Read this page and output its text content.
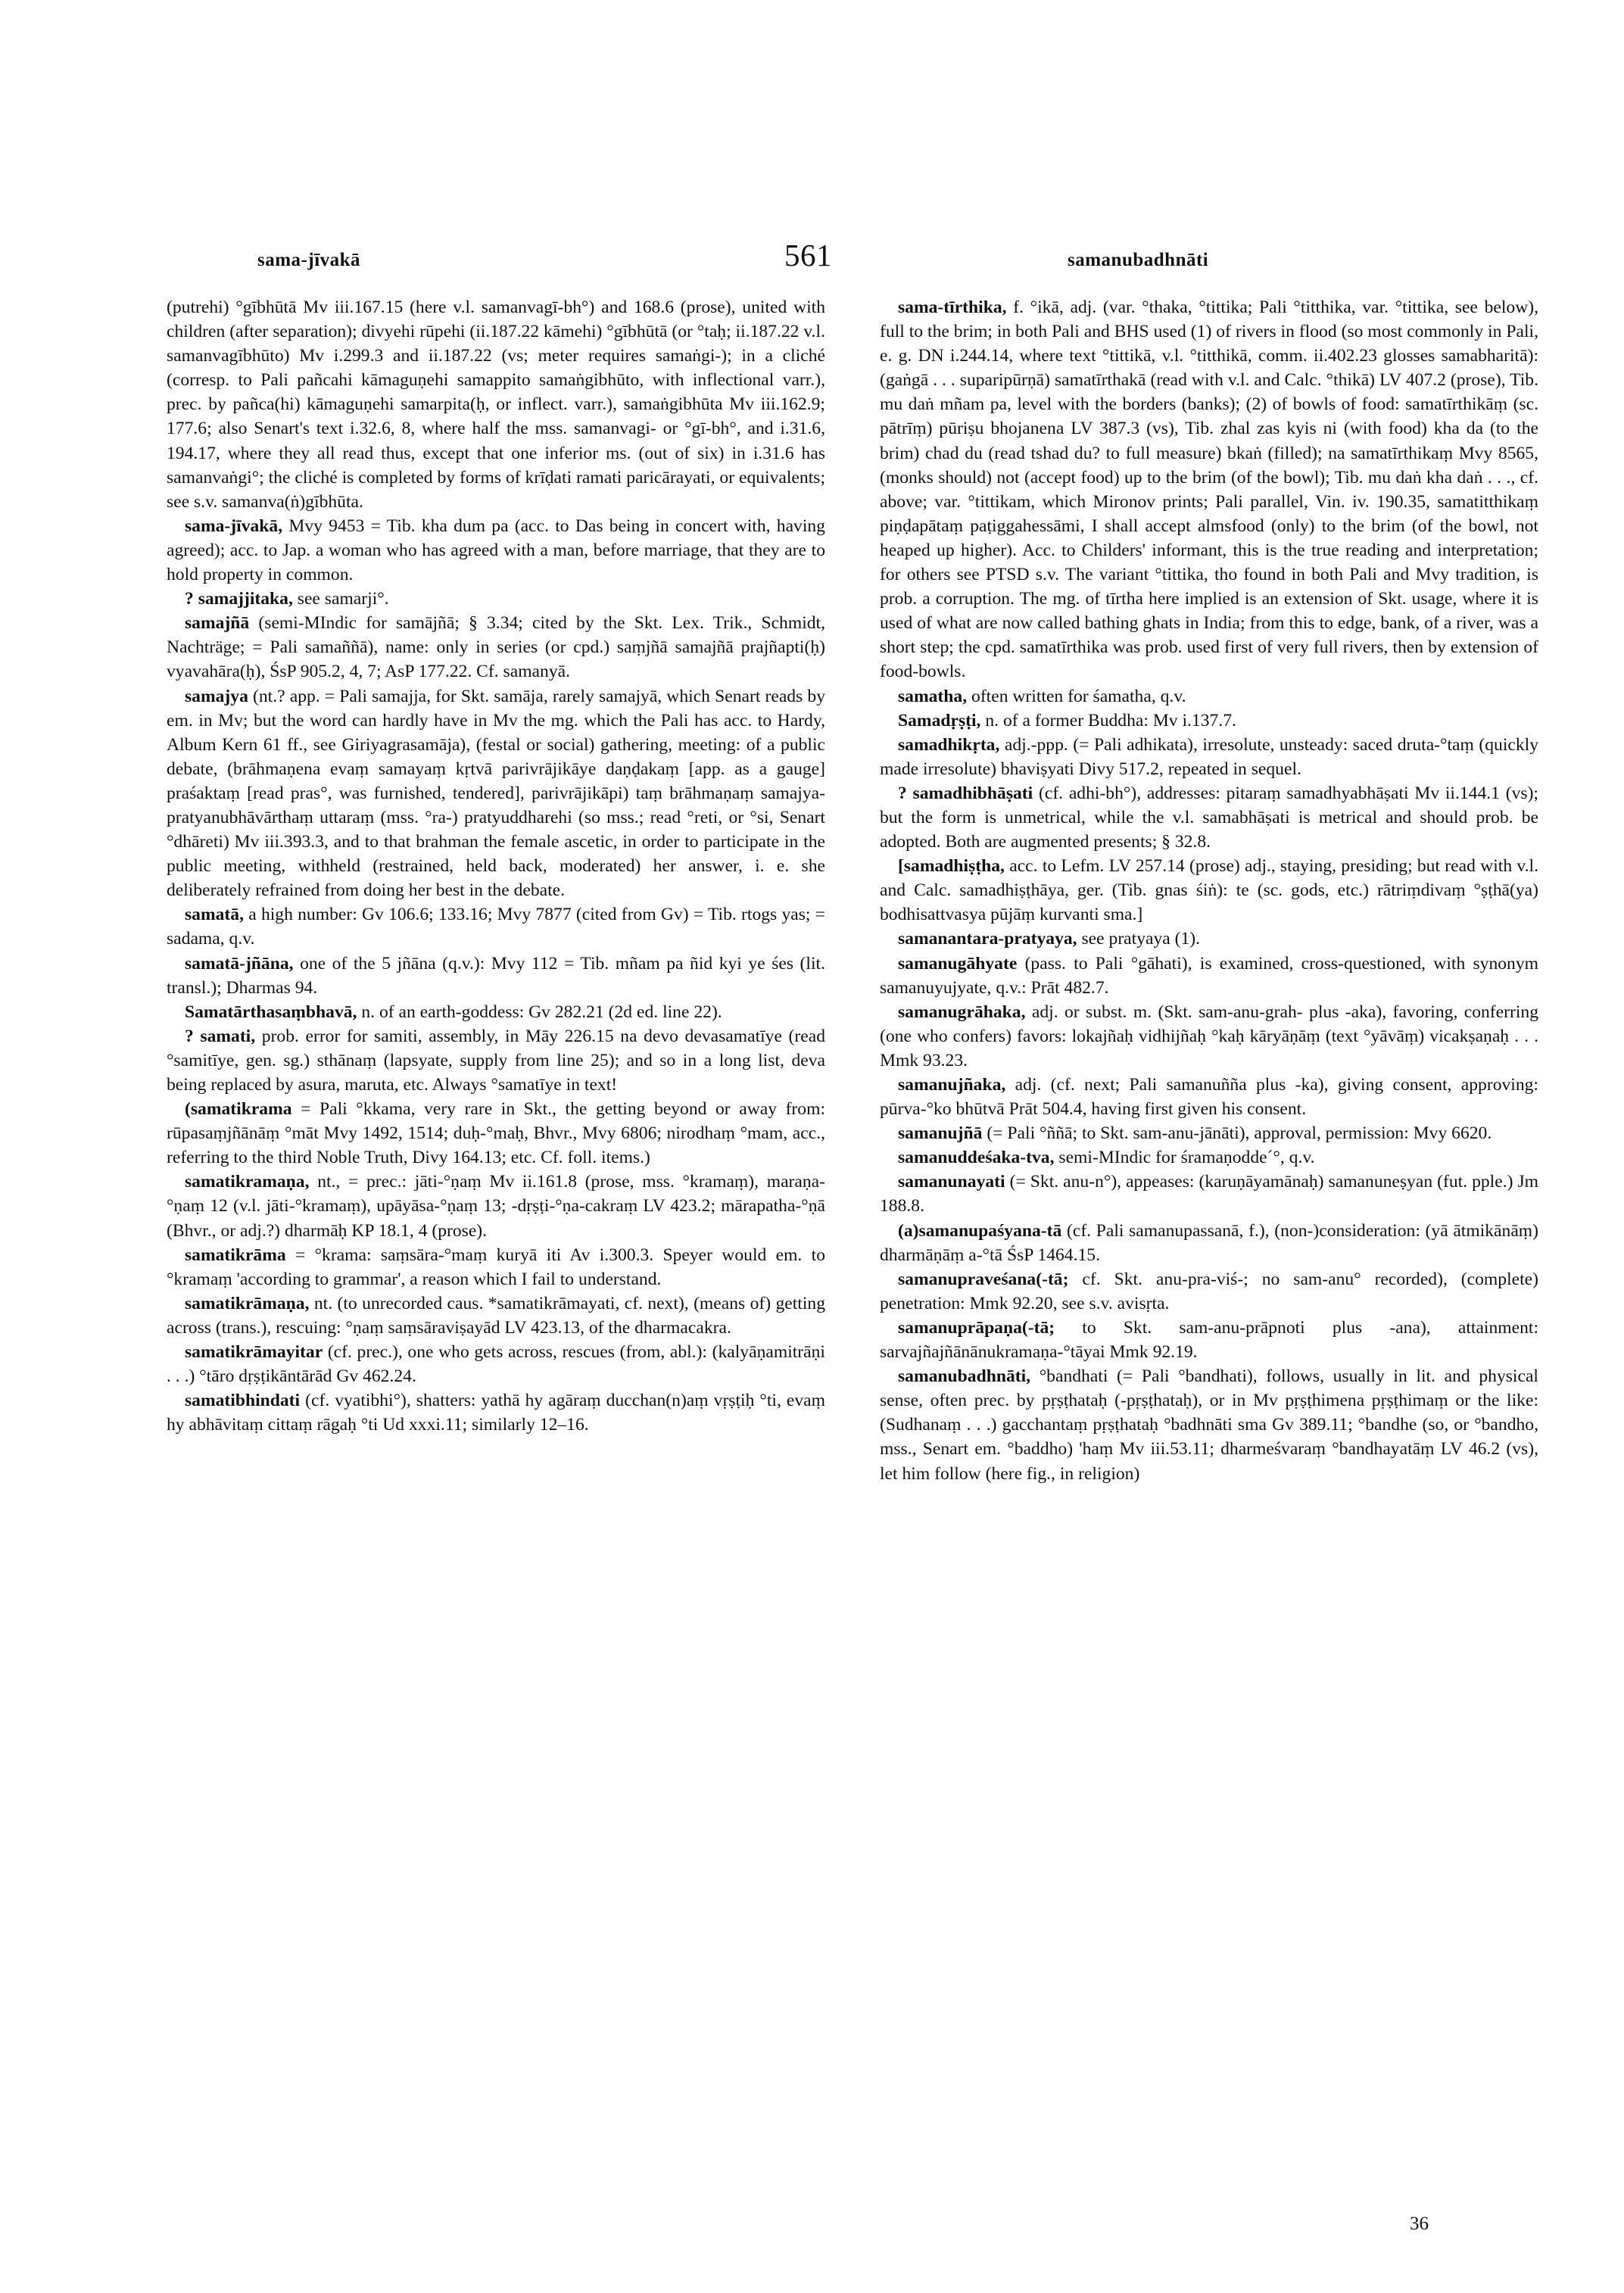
sama-jīvakā	561	samanubadhnāti

(putrehi) °gībhūtā Mv iii.167.15 (here v.l. samanvagī-bh°) and 168.6 (prose), united with children (after separation); divyehi rūpehi (ii.187.22 kāmehi) °gībhūtā (or °taḥ; ii.187.22 v.l. samanvagībhūto) Mv i.299.3 and ii.187.22 (vs; meter requires samaṅgi-); in a cliché (corresp. to Pali pañcahi kāmaguṇehi samappito samaṅgibhūto, with inflectional varr.), prec. by pañca(hi) kāmaguṇehi samarpita(ḥ, or inflect. varr.), samaṅgibhūta Mv iii.162.9; 177.6; also Senart's text i.32.6, 8, where half the mss. samanvagi- or °gī-bh°, and i.31.6, 194.17, where they all read thus, except that one inferior ms. (out of six) in i.31.6 has samanvaṅgi°; the cliché is completed by forms of krīḍati ramati paricārayati, or equivalents; see s.v. samanva(ṅ)gībhūta.

sama-jīvakā, Mvy 9453 = Tib. kha dum pa (acc. to Das being in concert with, having agreed); acc. to Jap. a woman who has agreed with a man, before marriage, that they are to hold property in common.

? samajjitaka, see samarji°.

samajñā (semi-MIndic for samājñā; § 3.34; cited by the Skt. Lex. Trik., Schmidt, Nachträge; = Pali samaññā), name: only in series (or cpd.) saṃjñā samajñā prajñapti(ḥ) vyavahāra(ḥ), ŚsP 905.2, 4, 7; AsP 177.22. Cf. samanyā.

samajya (nt.? app. = Pali samajja, for Skt. samāja, rarely samajyā, which Senart reads by em. in Mv; but the word can hardly have in Mv the mg. which the Pali has acc. to Hardy, Album Kern 61 ff., see Giriyagrasamāja), (festal or social) gathering, meeting: of a public debate, (brāhmaṇena evaṃ samayaṃ kṛtvā parivrājikāye daṇḍakaṃ [app. as a gauge] praśaktaṃ [read pras°, was furnished, tendered], parivrājikāpi) taṃ brāhmaṇaṃ samajya-pratyanubhāvārthaṃ uttaraṃ (mss. °ra-) pratyuddharehi (so mss.; read °reti, or °si, Senart °dhāreti) Mv iii.393.3, and to that brahman the female ascetic, in order to participate in the public meeting, withheld (restrained, held back, moderated) her answer, i. e. she deliberately refrained from doing her best in the debate.

samatā, a high number: Gv 106.6; 133.16; Mvy 7877 (cited from Gv) = Tib. rtogs yas; = sadama, q.v.

samatā-jñāna, one of the 5 jñāna (q.v.): Mvy 112 = Tib. mñam pa ñid kyi ye śes (lit. transl.); Dharmas 94.

Samatārthasaṃbhavā, n. of an earth-goddess: Gv 282.21 (2d ed. line 22).

? samati, prob. error for samiti, assembly, in Māy 226.15 na devo devasamatīye (read °samitīye, gen. sg.) sthānaṃ (lapsyate, supply from line 25); and so in a long list, deva being replaced by asura, maruta, etc. Always °samatīye in text!

(samatikrama = Pali °kkama, very rare in Skt., the getting beyond or away from: rūpasaṃjñānāṃ °māt Mvy 1492, 1514; duḥ-°maḥ, Bhvr., Mvy 6806; nirodhaṃ °mam, acc., referring to the third Noble Truth, Divy 164.13; etc. Cf. foll. items.)

samatikramaṇa, nt., = prec.: jāti-°ṇaṃ Mv ii.161.8 (prose, mss. °kramaṃ), maraṇa-°ṇaṃ 12 (v.l. jāti-°kramaṃ), upāyāsa-°ṇaṃ 13; -dṛṣṭi-°ṇa-cakraṃ LV 423.2; mārapatha-°ṇā (Bhvr., or adj.?) dharmāḥ KP 18.1, 4 (prose).

samatikrāma = °krama: saṃsāra-°maṃ kuryā iti Av i.300.3. Speyer would em. to °kramaṃ 'according to grammar', a reason which I fail to understand.

samatikrāmaṇa, nt. (to unrecorded caus. *samatikrāmayati, cf. next), (means of) getting across (trans.), rescuing: °ṇaṃ saṃsāraviṣayād LV 423.13, of the dharmacakra.

samatikrāmayitar (cf. prec.), one who gets across, rescues (from, abl.): (kalyāṇamitrāṇi . . .) °tāro dṛṣṭikāntārād Gv 462.24.

samatibhindati (cf. vyatibhi°), shatters: yathā hy agāraṃ ducchan(n)aṃ vṛṣṭiḥ °ti, evaṃ hy abhāvitaṃ cittaṃ rāgaḥ °ti Ud xxxi.11; similarly 12–16.

sama-tīrthika, f. °ikā, adj. (var. °thaka, °tittika; Pali °titthika, var. °tittika, see below), full to the brim; in both Pali and BHS used (1) of rivers in flood (so most commonly in Pali, e. g. DN i.244.14, where text °tittikā, v.l. °titthikā, comm. ii.402.23 glosses samabharitā): (gaṅgā . . . suparipūrṇā) samatīrthakā (read with v.l. and Calc. °thikā) LV 407.2 (prose), Tib. mu daṅ mñam pa, level with the borders (banks); (2) of bowls of food: samatīrthikāṃ (sc. pātrīṃ) pūriṣu bhojanena LV 387.3 (vs), Tib. zhal zas kyis ni (with food) kha da (to the brim) chad du (read tshad du? to full measure) bkaṅ (filled); na samatīrthikaṃ Mvy 8565, (monks should) not (accept food) up to the brim (of the bowl); Tib. mu daṅ kha daṅ . . ., cf. above; var. °tittikam, which Mironov prints; Pali parallel, Vin. iv. 190.35, samatitthikaṃ piṇḍapātaṃ paṭiggahessāmi, I shall accept almsfood (only) to the brim (of the bowl, not heaped up higher). Acc. to Childers' informant, this is the true reading and interpretation; for others see PTSD s.v. The variant °tittika, tho found in both Pali and Mvy tradition, is prob. a corruption. The mg. of tīrtha here implied is an extension of Skt. usage, where it is used of what are now called bathing ghats in India; from this to edge, bank, of a river, was a short step; the cpd. samatīrthika was prob. used first of very full rivers, then by extension of food-bowls.

samatha, often written for śamatha, q.v.

Samadṛṣṭi, n. of a former Buddha: Mv i.137.7.

samadhikṛta, adj.-ppp. (= Pali adhikata), irresolute, unsteady: saced druta-°taṃ (quickly made irresolute) bhaviṣyati Divy 517.2, repeated in sequel.

? samadhibhāṣati (cf. adhi-bh°), addresses: pitaraṃ samadhyabhāṣati Mv ii.144.1 (vs); but the form is unmetrical, while the v.l. samabhāṣati is metrical and should prob. be adopted. Both are augmented presents; § 32.8.

[samadhiṣṭha, acc. to Lefm. LV 257.14 (prose) adj., staying, presiding; but read with v.l. and Calc. samadhiṣṭhāya, ger. (Tib. gnas śiṅ): te (sc. gods, etc.) rātriṃdivaṃ °ṣṭhā(ya) bodhisattvasya pūjāṃ kurvanti sma.]

samanantara-pratyaya, see pratyaya (1).

samanugāhyate (pass. to Pali °gāhati), is examined, cross-questioned, with synonym samanuyujyate, q.v.: Prāt 482.7.

samanugrāhaka, adj. or subst. m. (Skt. sam-anu-grah- plus -aka), favoring, conferring (one who confers) favors: lokajñaḥ vidhijñaḥ °kaḥ kāryāṇāṃ (text °yāvāṃ) vicakṣaṇaḥ . . . Mmk 93.23.

samanujñaka, adj. (cf. next; Pali samanuñña plus -ka), giving consent, approving: pūrva-°ko bhūtvā Prāt 504.4, having first given his consent.

samanujñā (= Pali °ññā; to Skt. sam-anu-jānāti), approval, permission: Mvy 6620.

samanuddeśaka-tva, semi-MIndic for śramaṇoddeˊ°, q.v.

samanunayati (= Skt. anu-n°), appeases: (karuṇāyamānaḥ) samanuneṣyan (fut. pple.) Jm 188.8.

(a)samanupaśyana-tā (cf. Pali samanupassanā, f.), (non-)consideration: (yā ātmikānāṃ) dharmāṇāṃ a-°tā ŚsP 1464.15.

samanupraveśana(-tā; cf. Skt. anu-pra-viś-; no sam-anu° recorded), (complete) penetration: Mmk 92.20, see s.v. avisṛta.

samanuprāpaṇa(-tā; to Skt. sam-anu-prāpnoti plus -ana), attainment: sarvajñajñānānukramaṇa-°tāyai Mmk 92.19.

samanubadhnāti, °bandhati (= Pali °bandhati), follows, usually in lit. and physical sense, often prec. by pṛṣṭhataḥ (-pṛṣṭhataḥ), or in Mv pṛṣṭhimena pṛṣṭhimaṃ or the like: (Sudhanaṃ . . .) gacchantaṃ pṛṣṭhataḥ °badhnāti sma Gv 389.11; °bandhe (so, or °bandho, mss., Senart em. °baddho) 'haṃ Mv iii.53.11; dharmeśvaraṃ °bandhayatāṃ LV 46.2 (vs), let him follow (here fig., in religion)

36
